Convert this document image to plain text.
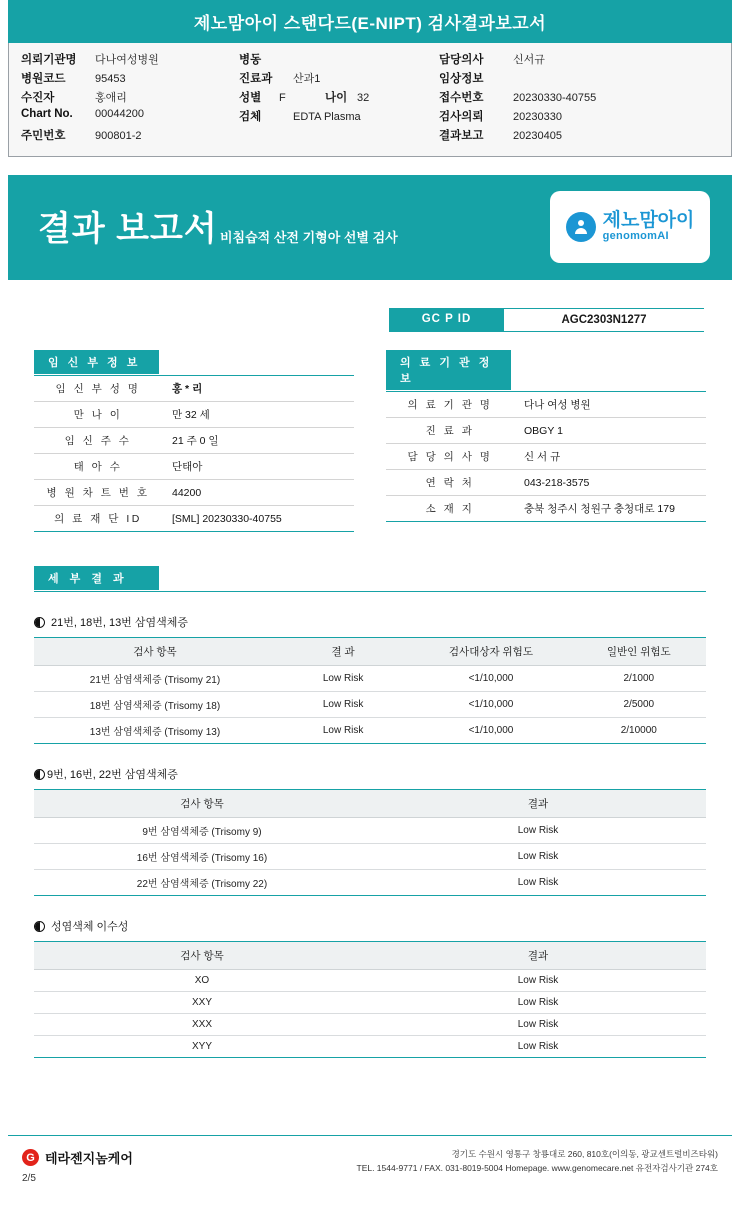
제노맘아이 스탠다드(E-NIPT) 검사결과보고서
의뢰기관명	다나여성병원
병원코드	95453
수진자	홍애리
Chart No.	00044200
주민번호	900801-2
병동
진료과	산과1
성별	F	나이 32
검체	EDTA Plasma
담당의사	신서규
임상정보
접수번호	20230330-40755
검사의뢰	20230330
결과보고	20230405
결과 보고서 비침습적 산전 기형아 선별 검사
제노맘아이
genomomAI
GC P ID	AGC2303N1277
임 신 부 정 보
임 신 부 성 명	홍 * 리
만 나 이	만 32 세
임 신 주 수	21 주 0 일
태 아 수	단태아
병 원 차 트 번 호	44200
의 료 재 단 ID	[SML] 20230330-40755
의 료 기 관 정 보
의 료 기 관 명	다나 여성 병원
진 료 과	OBGY 1
담 당 의 사 명	신 서 규
연 락 처	043-218-3575
소 재 지	충북 청주시 청원구 충청대로 179
세 부 결 과
21번, 18번, 13번 삼염색체증
검사 항목	결 과	검사대상자 위험도	일반인 위험도
21번 삼염색체증 (Trisomy 21)	Low Risk	<1/10,000	2/1000
18번 삼염색체증 (Trisomy 18)	Low Risk	<1/10,000	2/5000
13번 삼염색체증 (Trisomy 13)	Low Risk	<1/10,000	2/10000
9번, 16번, 22번 삼염색체증
검사 항목	결과
9번 삼염색체증 (Trisomy 9)	Low Risk
16번 삼염색체증 (Trisomy 16)	Low Risk
22번 삼염색체증 (Trisomy 22)	Low Risk
성염색체 이수성
검사 항목	결과
XO	Low Risk
XXY	Low Risk
XXX	Low Risk
XYY	Low Risk
G 테라젠지놈케어
2/5
경기도 수원시 영통구 창룡대로 260, 810호(이의동, 광교센트럴비즈타워)
TEL. 1544-9771 / FAX. 031-8019-5004 Homepage. www.genomecare.net 유전자검사기관 274호
